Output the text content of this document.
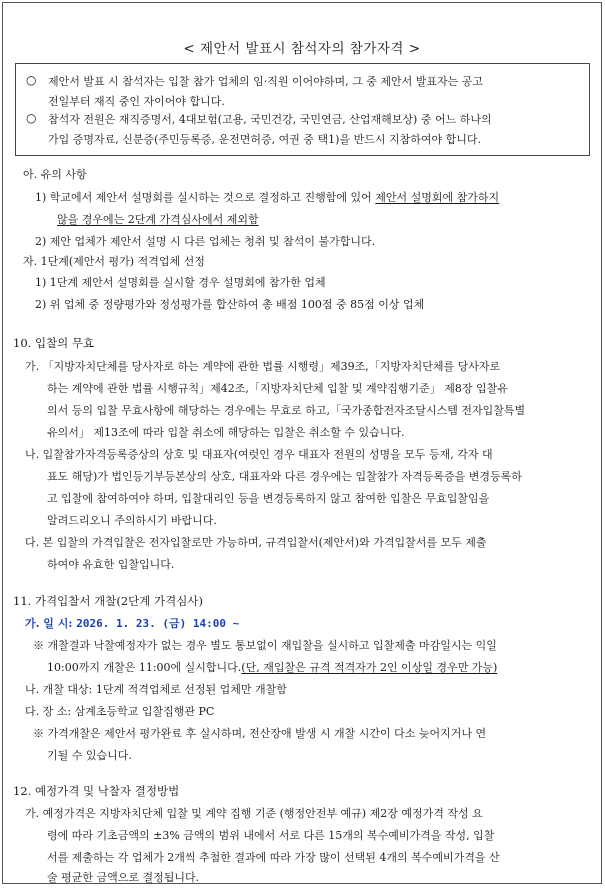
< 제안서 발표시 참석자의 참가자격 >
○ 제안서 발표 시 참석자는 입찰 참가 업체의 임·직원 이어야하며, 그 중 제안서 발표자는 공고
전일부터 재직 중인 자이어야 합니다.
○ 참석자 전원은 재직증명서, 4대보험(고용, 국민건강, 국민연금, 산업재해보상) 중 어느 하나의
가입 증명자료, 신분증(주민등록증, 운전면허증, 여권 중 택1)을 반드시 지참하여야 합니다.
아. 유의 사항
1) 학교에서 제안서 설명회를 실시하는 것으로 결정하고 진행함에 있어 제안서 설명회에 참가하지
않을 경우에는 2단계 가격심사에서 제외함
2) 제안 업체가 제안서 설명 시 다른 업체는 청취 및 참석이 불가합니다.
자. 1단계(제안서 평가) 적격업체 선정
1) 1단계 제안서 설명회를 실시할 경우 설명회에 참가한 업체
2) 위 업체 중 정량평가와 정성평가를 합산하여 총 배점 100점 중 85점 이상 업체
10. 입찰의 무효
가. 「지방자치단체를 당사자로 하는 계약에 관한 법률 시행령」제39조,「지방자치단체를 당사자로
하는 계약에 관한 법률 시행규칙」제42조,「지방자치단체 입찰 및 계약집행기준」 제8장 입찰유
의서 등의 입찰 무효사항에 해당하는 경우에는 무효로 하고,「국가종합전자조달시스템 전자입찰특별
유의서」 제13조에 따라 입찰 취소에 해당하는 입찰은 취소할 수 있습니다.
나. 입찰참가자격등록증상의 상호 및 대표자(여럿인 경우 대표자 전원의 성명을 모두 등재, 각자 대
표도 해당)가 법인등기부등본상의 상호, 대표자와 다른 경우에는 입찰참가 자격등록증을 변경등록하
고 입찰에 참여하여야 하며, 입찰대리인 등을 변경등록하지 않고 참여한 입찰은 무효입찰임을
알려드리오니 주의하시기 바랍니다.
다. 본 입찰의 가격입찰은 전자입찰로만 가능하며, 규격입찰서(제안서)와 가격입찰서를 모두 제출
하여야 유효한 입찰입니다.
11. 가격입찰서 개찰(2단계 가격심사)
가. 일 시: 2026. 1. 23. (금) 14:00 ~
※ 개찰결과 낙찰예정자가 없는 경우 별도 통보없이 재입찰을 실시하고 입찰제출 마감일시는 익일
10:00까지 개찰은 11:00에 실시합니다.(단, 재입찰은 규격 적격자가 2인 이상일 경우만 가능)
나. 개찰 대상: 1단계 적격업체로 선정된 업체만 개찰함
다. 장 소: 삼계초등학교 입찰집행관 PC
※ 가격개찰은 제안서 평가완료 후 실시하며, 전산장애 발생 시 개찰 시간이 다소 늦어지거나 연
기될 수 있습니다.
12. 예정가격 및 낙찰자 결정방법
가. 예정가격은 지방자치단체 입찰 및 계약 집행 기준 (행정안전부 예규) 제2장 예정가격 작성 요
령에 따라 기초금액의 ±3% 금액의 범위 내에서 서로 다른 15개의 복수예비가격을 작성, 입찰
서를 제출하는 각 업체가 2개씩 추첨한 결과에 따라 가장 많이 선택된 4개의 복수예비가격을 산
술 평균한 금액으로 결정됩니다.
